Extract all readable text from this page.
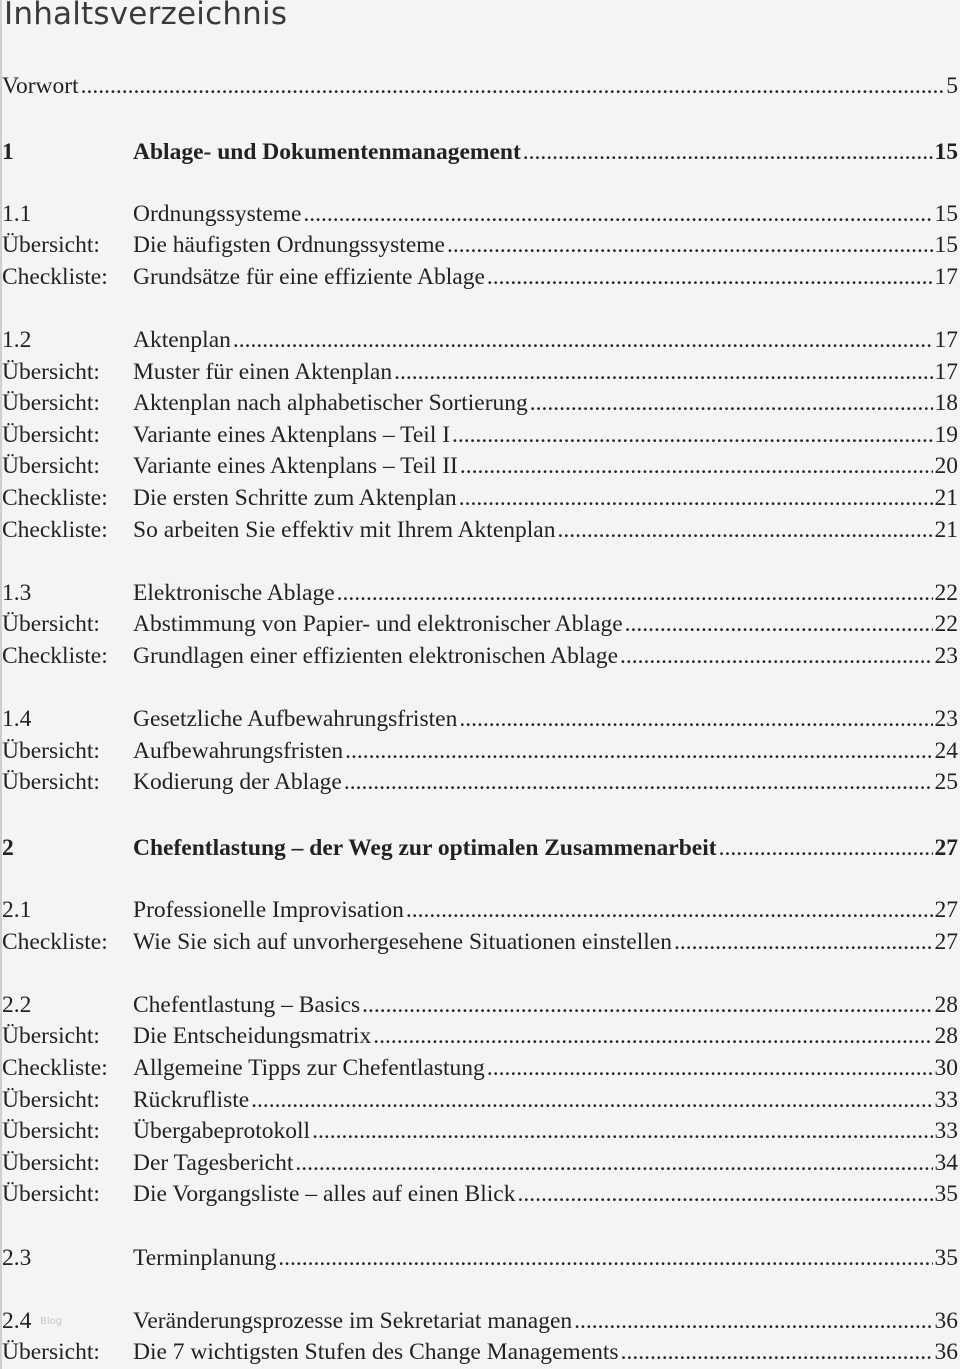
Inhaltsverzeichnis
Vorwort .....	5
1	Ablage- und Dokumentenmanagement .....	15
1.1	Ordnungssysteme .....	15
Übersicht:	Die häufigsten Ordnungssysteme .....	15
Checkliste:	Grundsätze für eine effiziente Ablage .....	17
1.2	Aktenplan .....	17
Übersicht:	Muster für einen Aktenplan .....	17
Übersicht:	Aktenplan nach alphabetischer Sortierung .....	18
Übersicht:	Variante eines Aktenplans – Teil I .....	19
Übersicht:	Variante eines Aktenplans – Teil II .....	20
Checkliste:	Die ersten Schritte zum Aktenplan .....	21
Checkliste:	So arbeiten Sie effektiv mit Ihrem Aktenplan .....	21
1.3	Elektronische Ablage .....	22
Übersicht:	Abstimmung von Papier- und elektronischer Ablage .....	22
Checkliste:	Grundlagen einer effizienten elektronischen Ablage .....	23
1.4	Gesetzliche Aufbewahrungsfristen .....	23
Übersicht:	Aufbewahrungsfristen .....	24
Übersicht:	Kodierung der Ablage .....	25
2	Chefentlastung – der Weg zur optimalen Zusammenarbeit .....	27
2.1	Professionelle Improvisation .....	27
Checkliste:	Wie Sie sich auf unvorhergesehene Situationen einstellen .....	27
2.2	Chefentlastung – Basics .....	28
Übersicht:	Die Entscheidungsmatrix .....	28
Checkliste:	Allgemeine Tipps zur Chefentlastung .....	30
Übersicht:	Rückrufliste .....	33
Übersicht:	Übergabeprotokoll .....	33
Übersicht:	Der Tagesbericht .....	34
Übersicht:	Die Vorgangsliste – alles auf einen Blick .....	35
2.3	Terminplanung .....	35
2.4	Veränderungsprozesse im Sekretariat managen .....	36
Übersicht:	Die 7 wichtigsten Stufen des Change Managements .....	36
Blog
